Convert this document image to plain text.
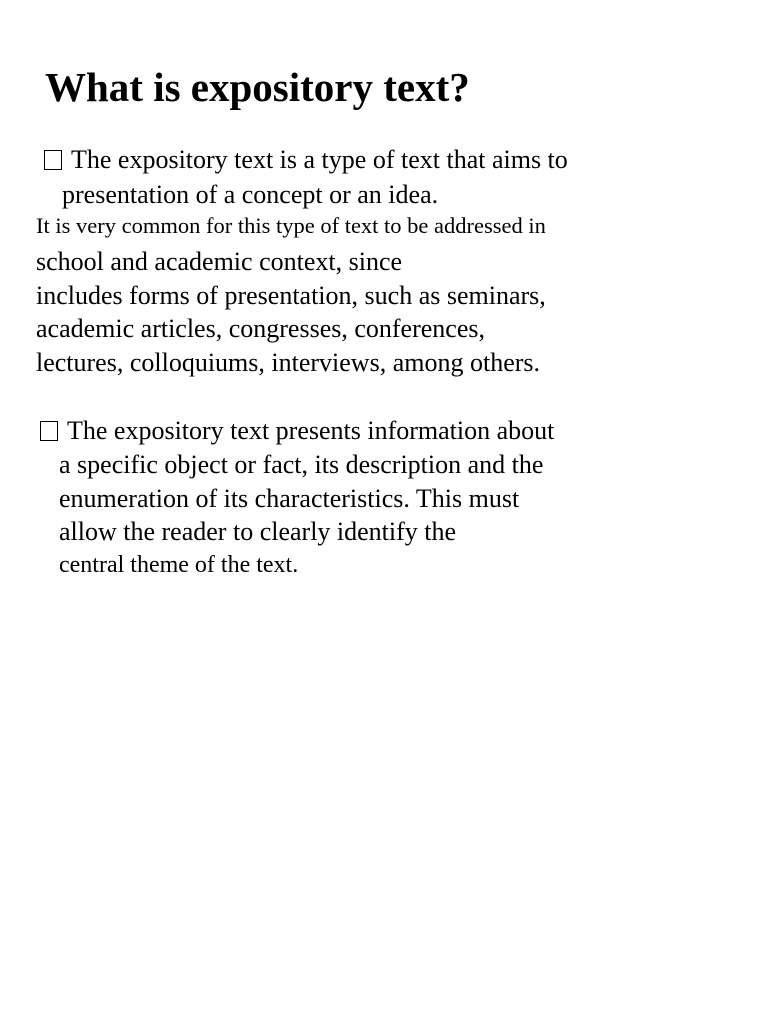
What is expository text?

The expository text is a type of text that aims to

presentation of a concept or an idea.

It is very common for this type of text to be addressed in

school and academic context, since

includes forms of presentation, such as seminars,

academic articles, congresses, conferences,

lectures, colloquiums, interviews, among others.

The expository text presents information about

a specific object or fact, its description and the

enumeration of its characteristics. This must

allow the reader to clearly identify the

central theme of the text.
